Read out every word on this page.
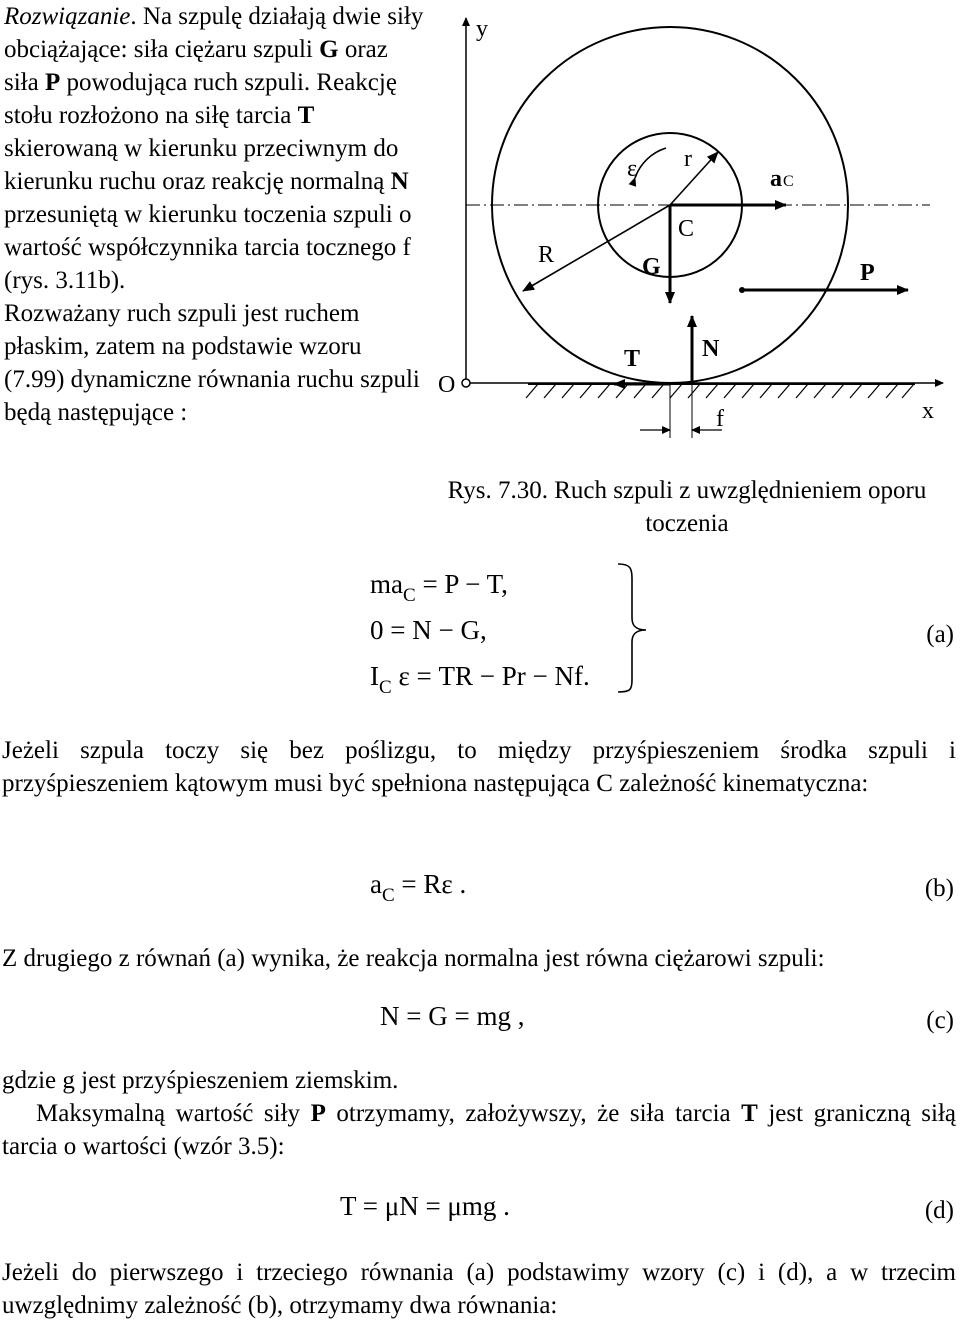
Rozwiązanie. Na szpulę działają dwie siły obciążające: siła ciężaru szpuli G oraz siła P powodująca ruch szpuli. Reakcję stołu rozłożono na siłę tarcia T skierowaną w kierunku przeciwnym do kierunku ruchu oraz reakcję normalną N przesuniętą w kierunku toczenia szpuli o wartość współczynnika tarcia tocznego f (rys. 3.11b).

Rozważany ruch szpuli jest ruchem płaskim, zatem na podstawie wzoru (7.99) dynamiczne równania ruchu szpuli będą następujące :

y
x
O
R
r
ε
C
G
T	N
P
f
aC
Rys. 7.30. Ruch szpuli z uwzględnieniem oporu toczenia
$ma_C = P - T$,
0 = N − G,
$I_C$ ε = TR − Pr − Nf.
(a)

Jeżeli szpula toczy się bez poślizgu, to między przyśpieszeniem środka szpuli i przyśpieszeniem kątowym musi być spełniona następująca C zależność kinematyczna:

$a_C = R\varepsilon$ .	(b)

Z drugiego z równań (a) wynika, że reakcja normalna jest równa ciężarowi szpuli:

N = G = mg ,	(c)

gdzie g jest przyśpieszeniem ziemskim.

Maksymalną wartość siły P otrzymamy, założywszy, że siła tarcia T jest graniczną siłą tarcia o wartości (wzór 3.5):

T = μN = μmg .	(d)

Jeżeli do pierwszego i trzeciego równania (a) podstawimy wzory (c) i (d), a w trzecim uwzględnimy zależność (b), otrzymamy dwa równania:
